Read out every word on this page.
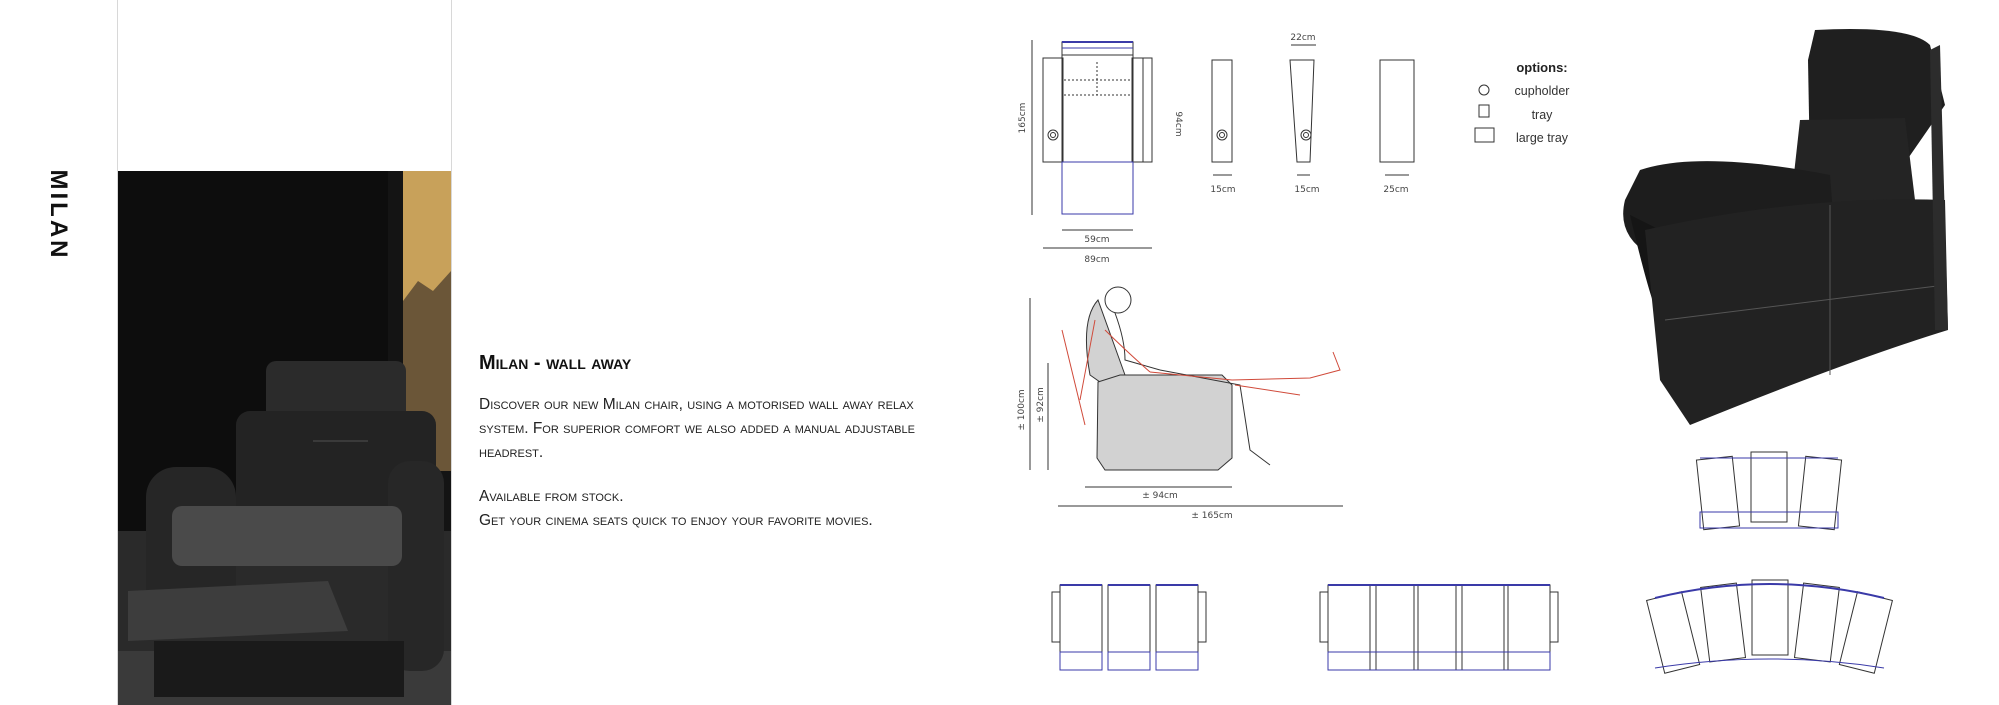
MILAN
Milan - wall away
Discover our new Milan chair, using a motorised wall away relax
system. For superior comfort we also added a manual adjustable
headrest.
Available from stock.
Get your cinema seats quick to enjoy your favorite movies.
165cm	94cm
59cm
89cm
15cm	15cm
22cm
25cm
± 100cm ± 92cm
± 94cm
± 165cm
options:
cupholder
tray
large tray
